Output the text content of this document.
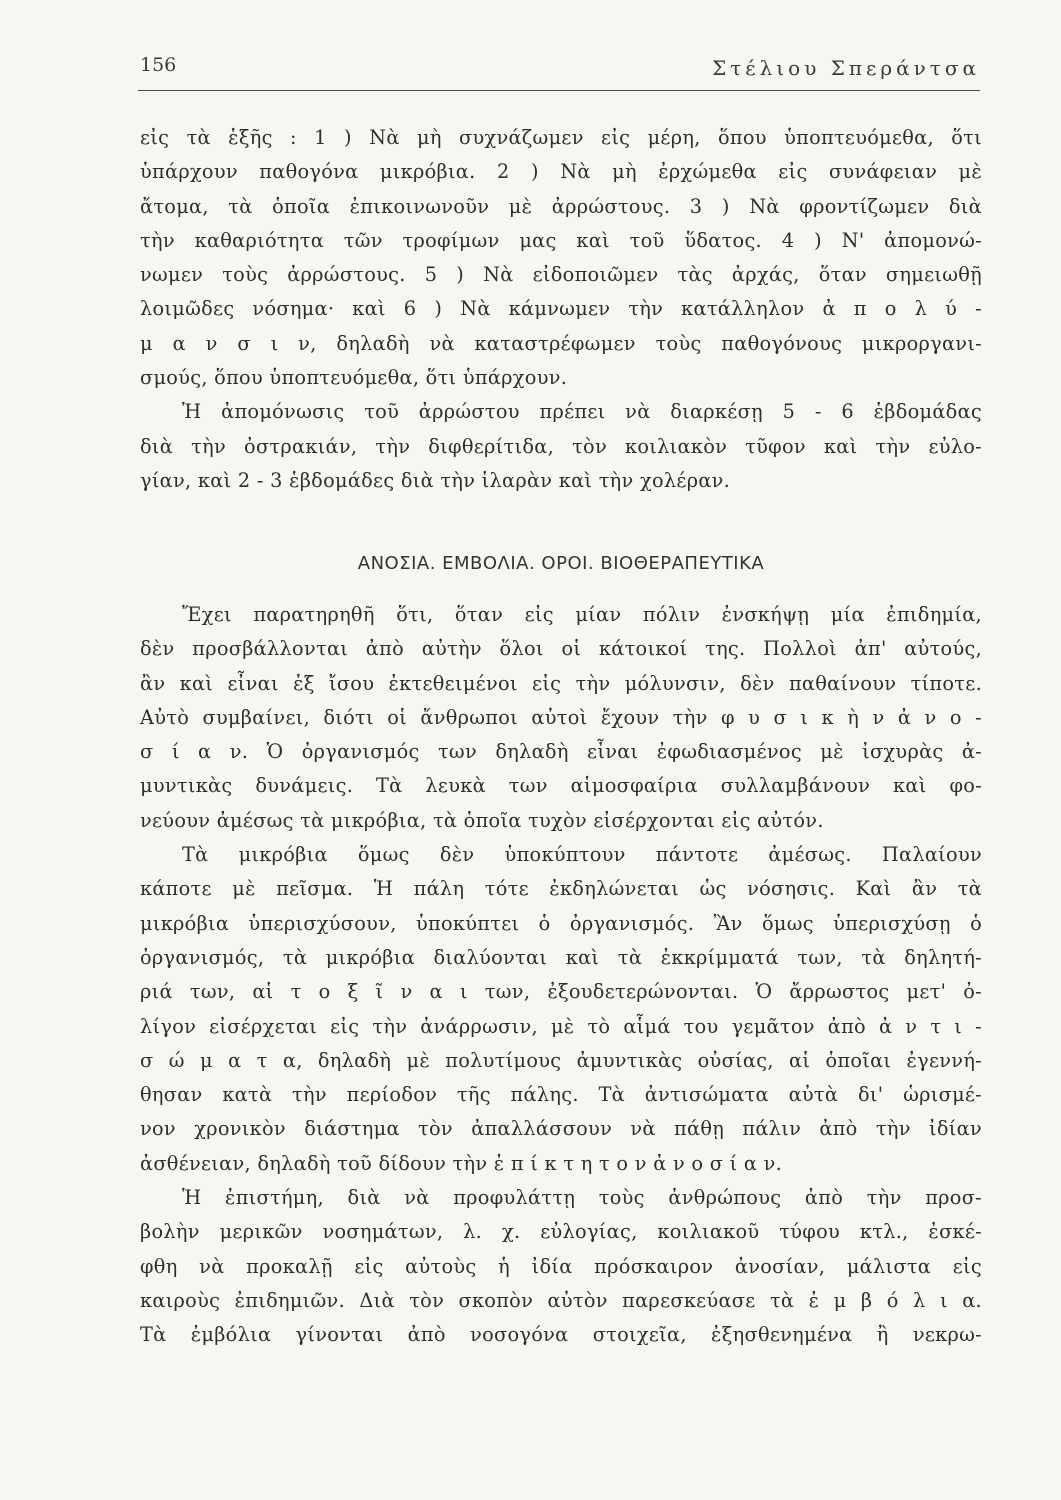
156	Στέλιου Σπεράντσα
εἰς τὰ ἑξῆς : 1 ) Νὰ μὴ συχνάζωμεν εἰς μέρη, ὅπου ὑποπτευόμεθα, ὅτι
ὑπάρχουν παθογόνα μικρόβια. 2 ) Νὰ μὴ ἐρχώμεθα εἰς συνάφειαν μὲ
ἄτομα, τὰ ὁποῖα ἐπικοινωνοῦν μὲ ἀρρώστους. 3 ) Νὰ φροντίζωμεν διὰ
τὴν καθαριότητα τῶν τροφίμων μας καὶ τοῦ ὕδατος. 4 ) Ν' ἀπομονώ-
νωμεν τοὺς ἀρρώστους. 5 ) Νὰ εἰδοποιῶμεν τὰς ἀρχάς, ὅταν σημειωθῇ
λοιμῶδες νόσημα· καὶ 6 ) Νὰ κάμνωμεν τὴν κατάλληλον ἀ π ο λ ύ -
μ α ν σ ι ν, δηλαδὴ νὰ καταστρέφωμεν τοὺς παθογόνους μικροργανι-
σμούς, ὅπου ὑποπτευόμεθα, ὅτι ὑπάρχουν.
Ἡ ἀπομόνωσις τοῦ ἀρρώστου πρέπει νὰ διαρκέσῃ 5 - 6 ἑβδομάδας
διὰ τὴν ὀστρακιάν, τὴν διφθερίτιδα, τὸν κοιλιακὸν τῦφον καὶ τὴν εὐλο-
γίαν, καὶ 2 - 3 ἑβδομάδες διὰ τὴν ἱλαρὰν καὶ τὴν χολέραν.
ΑΝΟΣΙΑ. ΕΜΒΟΛΙΑ. ΟΡΟΙ. ΒΙΟΘΕΡΑΠΕΥΤΙΚΑ
Ἔχει παρατηρηθῆ ὅτι, ὅταν εἰς μίαν πόλιν ἐνσκήψῃ μία ἐπιδημία,
δὲν προσβάλλονται ἀπὸ αὐτὴν ὅλοι οἱ κάτοικοί της. Πολλοὶ ἀπ' αὐτούς,
ἂν καὶ εἶναι ἐξ ἴσου ἐκτεθειμένοι εἰς τὴν μόλυνσιν, δὲν παθαίνουν τίποτε.
Αὐτὸ συμβαίνει, διότι οἱ ἄνθρωποι αὐτοὶ ἔχουν τὴν φ υ σ ι κ ὴ ν ἀ ν ο -
σ ί α ν. Ὁ ὀργανισμός των δηλαδὴ εἶναι ἐφωδιασμένος μὲ ἰσχυρὰς ἀ-
μυντικὰς δυνάμεις. Τὰ λευκὰ των αἱμοσφαίρια συλλαμβάνουν καὶ φο-
νεύουν ἀμέσως τὰ μικρόβια, τὰ ὁποῖα τυχὸν εἰσέρχονται εἰς αὐτόν.
Τὰ μικρόβια ὅμως δὲν ὑποκύπτουν πάντοτε ἀμέσως. Παλαίουν
κάποτε μὲ πεῖσμα. Ἡ πάλη τότε ἐκδηλώνεται ὡς νόσησις. Καὶ ἂν τὰ
μικρόβια ὑπερισχύσουν, ὑποκύπτει ὁ ὀργανισμός. Ἂν ὅμως ὑπερισχύσῃ ὁ
ὀργανισμός, τὰ μικρόβια διαλύονται καὶ τὰ ἐκκρίμματά των, τὰ δηλητή-
ριά των, αἱ τ ο ξ ῖ ν α ι των, ἐξουδετερώνονται. Ὁ ἄρρωστος μετ' ὀ-
λίγον εἰσέρχεται εἰς τὴν ἀνάρρωσιν, μὲ τὸ αἷμά του γεμᾶτον ἀπὸ ἀ ν τ ι -
σ ώ μ α τ α, δηλαδὴ μὲ πολυτίμους ἀμυντικὰς οὐσίας, αἱ ὁποῖαι ἐγεννή-
θησαν κατὰ τὴν περίοδον τῆς πάλης. Τὰ ἀντισώματα αὐτὰ δι' ὡρισμέ-
νον χρονικὸν διάστημα τὸν ἀπαλλάσσουν νὰ πάθῃ πάλιν ἀπὸ τὴν ἰδίαν
ἀσθένειαν, δηλαδὴ τοῦ δίδουν τὴν ἐ π ί κ τ η τ ο ν ἀ ν ο σ ί α ν.
Ἡ ἐπιστήμη, διὰ νὰ προφυλάττῃ τοὺς ἀνθρώπους ἀπὸ τὴν προσ-
βολὴν μερικῶν νοσημάτων, λ. χ. εὐλογίας, κοιλιακοῦ τύφου κτλ., ἐσκέ-
φθη νὰ προκαλῇ εἰς αὐτοὺς ἡ ἰδία πρόσκαιρον ἀνοσίαν, μάλιστα εἰς
καιροὺς ἐπιδημιῶν. Διὰ τὸν σκοπὸν αὐτὸν παρεσκεύασε τὰ ἐ μ β ό λ ι α.
Τὰ ἐμβόλια γίνονται ἀπὸ νοσογόνα στοιχεῖα, ἐξησθενημένα ἢ νεκρω-
